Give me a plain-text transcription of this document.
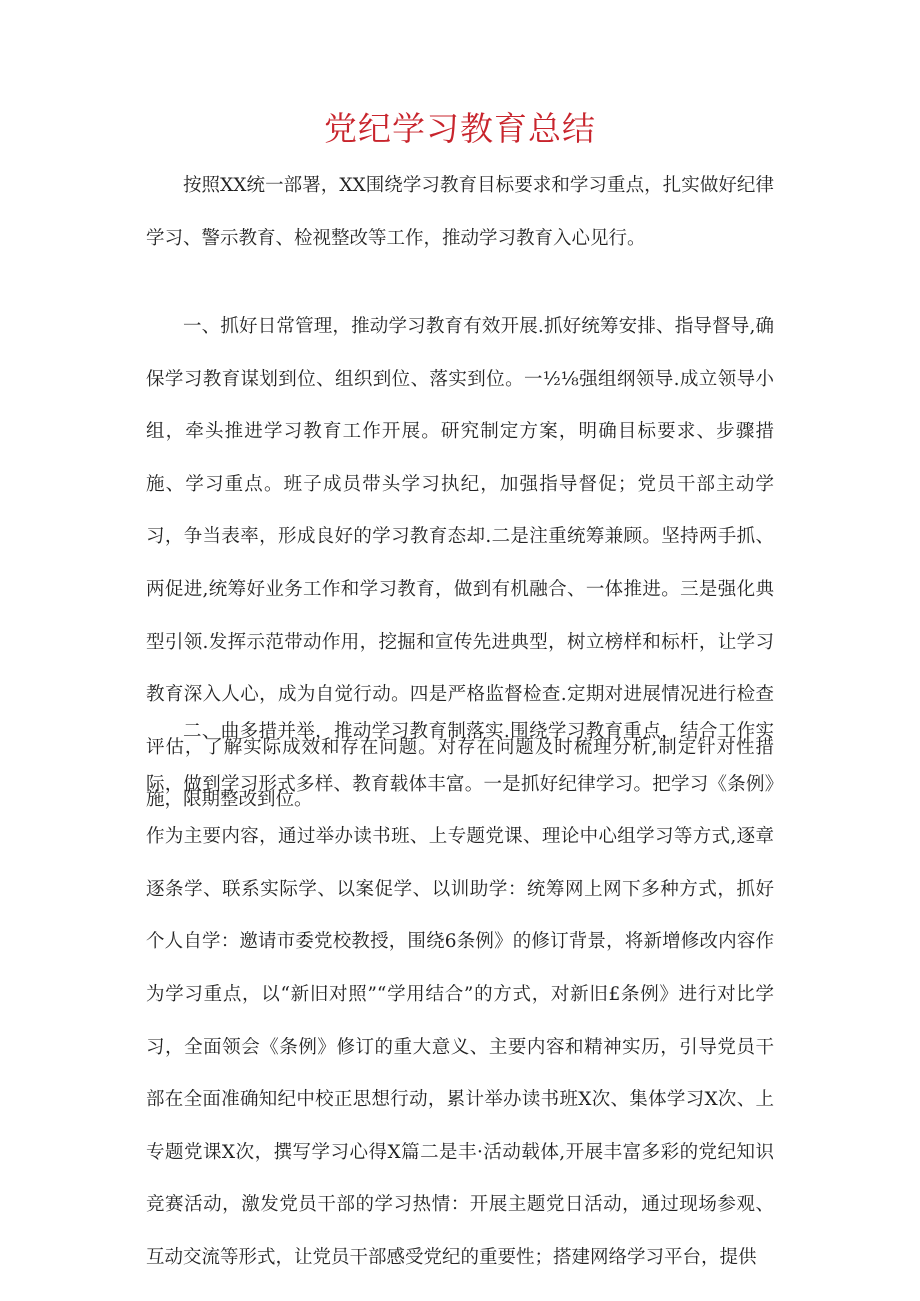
党纪学习教育总结

按照XX统一部署，XX围绕学习教育目标要求和学习重点，扎实做好纪律学习、警示教育、检视整改等工作，推动学习教育入心见行。

一、抓好日常管理，推动学习教育有效开展.抓好统筹安排、指导督导,确保学习教育谋划到位、组织到位、落实到位。一½⅛强组纲领导.成立领导小组，牵头推进学习教育工作开展。研究制定方案，明确目标要求、步骤措施、学习重点。班子成员带头学习执纪，加强指导督促；党员干部主动学习，争当表率，形成良好的学习教育态却.二是注重统筹兼顾。坚持两手抓、两促进,统筹好业务工作和学习教育，做到有机融合、一体推进。三是强化典型引领.发挥示范带动作用，挖掘和宣传先进典型，树立榜样和标杆，让学习教育深入人心，成为自觉行动。四是严格监督检查.定期对进展情况进行检查评估，了解实际成效和存在问题。对存在问题及时梳理分析,制定针对性措施，限期整改到位。

二、曲多措并举，推动学习教育制落实.围绕学习教育重点，结合工作实际，做到学习形式多样、教育载体丰富。一是抓好纪律学习。把学习《条例》作为主要内容，通过举办读书班、上专题党课、理论中心组学习等方式,逐章逐条学、联系实际学、以案促学、以训助学：统筹网上网下多种方式，抓好个人自学：邀请市委党校教授，围绕6条例》的修订背景，将新增修改内容作为学习重点，以“新旧对照”“学用结合”的方式，对新旧£条例》进行对比学习，全面领会《条例》修订的重大意义、主要内容和精神实历，引导党员干部在全面准确知纪中校正思想行动，累计举办读书班X次、集体学习X次、上专题党课X次，撰写学习心得X篇二是丰·活动载体,开展丰富多彩的党纪知识竞赛活动，激发党员干部的学习热情：开展主题党日活动，通过现场参观、互动交流等形式，让党员干部感受党纪的重要性；搭建网络学习平台，提供
